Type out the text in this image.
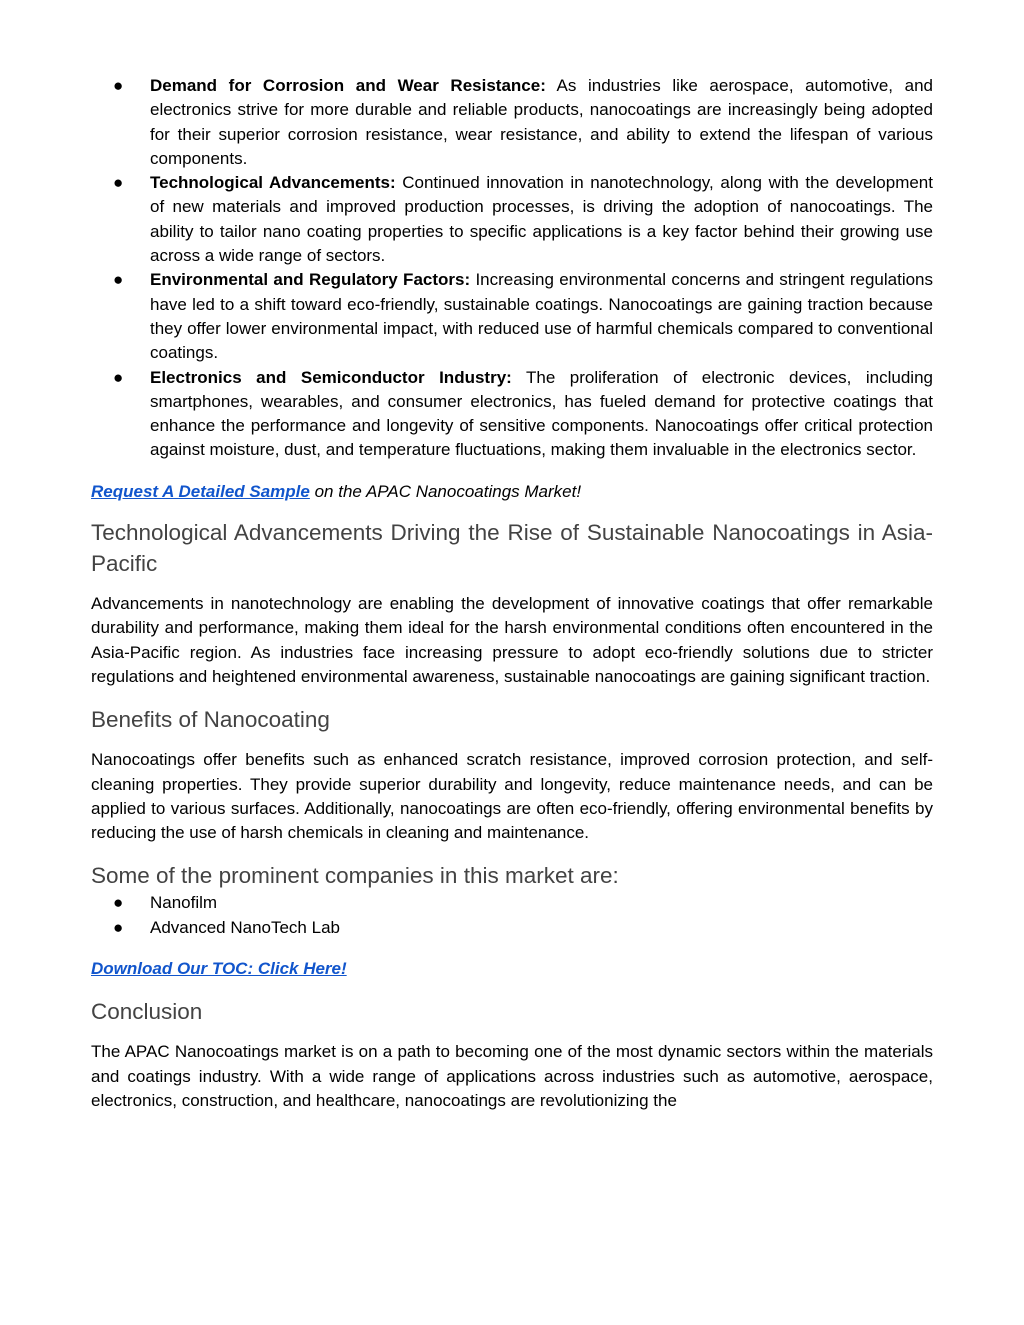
● Demand for Corrosion and Wear Resistance: As industries like aerospace, automotive, and electronics strive for more durable and reliable products, nanocoatings are increasingly being adopted for their superior corrosion resistance, wear resistance, and ability to extend the lifespan of various components.
● Technological Advancements: Continued innovation in nanotechnology, along with the development of new materials and improved production processes, is driving the adoption of nanocoatings. The ability to tailor nano coating properties to specific applications is a key factor behind their growing use across a wide range of sectors.
● Environmental and Regulatory Factors: Increasing environmental concerns and stringent regulations have led to a shift toward eco-friendly, sustainable coatings. Nanocoatings are gaining traction because they offer lower environmental impact, with reduced use of harmful chemicals compared to conventional coatings.
● Electronics and Semiconductor Industry: The proliferation of electronic devices, including smartphones, wearables, and consumer electronics, has fueled demand for protective coatings that enhance the performance and longevity of sensitive components. Nanocoatings offer critical protection against moisture, dust, and temperature fluctuations, making them invaluable in the electronics sector.

Request A Detailed Sample on the APAC Nanocoatings Market!

Technological Advancements Driving the Rise of Sustainable Nanocoatings in Asia-Pacific

Advancements in nanotechnology are enabling the development of innovative coatings that offer remarkable durability and performance, making them ideal for the harsh environmental conditions often encountered in the Asia-Pacific region. As industries face increasing pressure to adopt eco-friendly solutions due to stricter regulations and heightened environmental awareness, sustainable nanocoatings are gaining significant traction.

Benefits of Nanocoating

Nanocoatings offer benefits such as enhanced scratch resistance, improved corrosion protection, and self-cleaning properties. They provide superior durability and longevity, reduce maintenance needs, and can be applied to various surfaces. Additionally, nanocoatings are often eco-friendly, offering environmental benefits by reducing the use of harsh chemicals in cleaning and maintenance.

Some of the prominent companies in this market are:
● Nanofilm
● Advanced NanoTech Lab

Download Our TOC: Click Here!

Conclusion

The APAC Nanocoatings market is on a path to becoming one of the most dynamic sectors within the materials and coatings industry. With a wide range of applications across industries such as automotive, aerospace, electronics, construction, and healthcare, nanocoatings are revolutionizing the
